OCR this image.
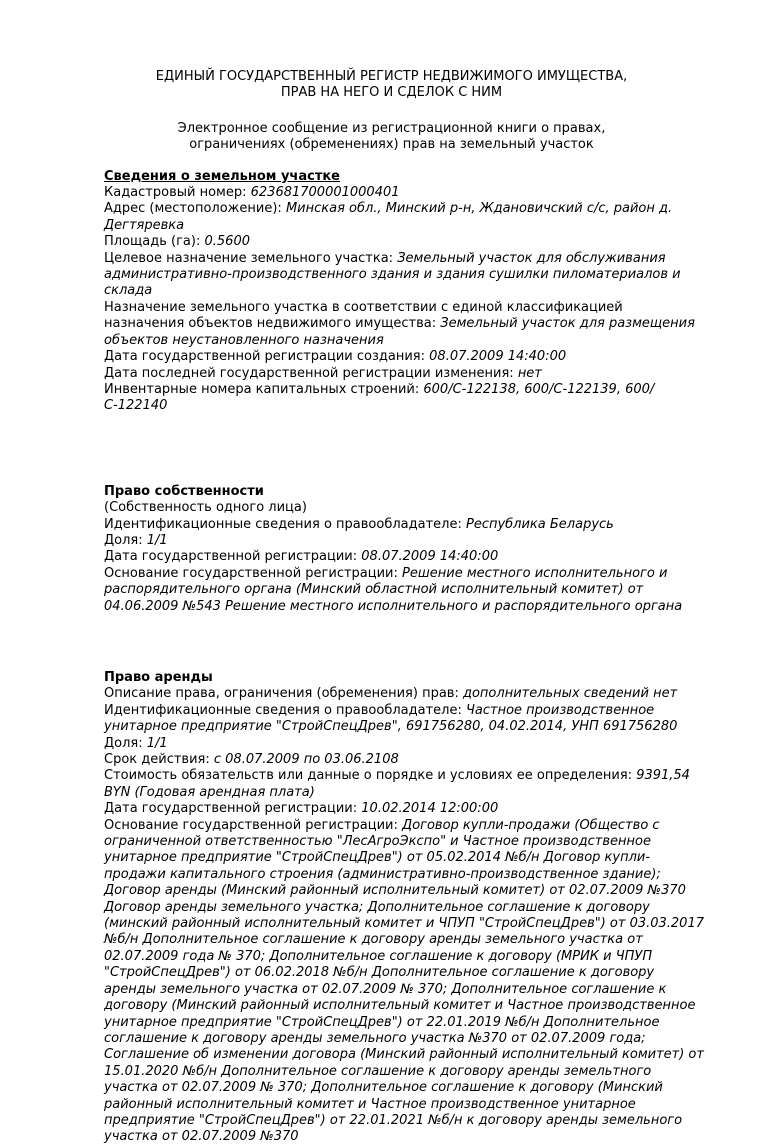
ЕДИНЫЙ ГОСУДАРСТВЕННЫЙ РЕГИСТР НЕДВИЖИМОГО ИМУЩЕСТВА,
ПРАВ НА НЕГО И СДЕЛОК С НИМ
Электронное сообщение из регистрационной книги о правах,
ограничениях (обременениях) прав на земельный участок
Сведения о земельном участке

Кадастровый номер: 623681700001000401

Адрес (местоположение): Минская обл., Минский р-н, Ждановичский с/с, район д. Дегтяревка

Площадь (га): 0.5600

Целевое назначение земельного участка: Земельный участок для обслуживания административно-производственного здания и здания сушилки пиломатериалов и склада

Назначение земельного участка в соответствии с единой классификацией назначения объектов недвижимого имущества: Земельный участок для размещения объектов неустановленного назначения

Дата государственной регистрации создания: 08.07.2009 14:40:00

Дата последней государственной регистрации изменения: нет

Инвентарные номера капитальных строений: 600/С-122138, 600/С-122139, 600/С-122140

Право собственности

(Собственность одного лица)

Идентификационные сведения о правообладателе: Республика Беларусь

Доля: 1/1

Дата государственной регистрации: 08.07.2009 14:40:00

Основание государственной регистрации: Решение местного исполнительного и распорядительного органа (Минский областной исполнительный комитет) от 04.06.2009 №543 Решение местного исполнительного и распорядительного органа

Право аренды

Описание права, ограничения (обременения) прав: дополнительных сведений нет

Идентификационные сведения о правообладателе: Частное производственное унитарное предприятие "СтройСпецДрев", 691756280, 04.02.2014, УНП 691756280

Доля: 1/1

Срок действия: с 08.07.2009 по 03.06.2108

Стоимость обязательств или данные о порядке и условиях ее определения: 9391,54 BYN (Годовая арендная плата)

Дата государственной регистрации: 10.02.2014 12:00:00

Основание государственной регистрации: Договор купли-продажи (Общество с ограниченной ответственностью "ЛесАгроЭкспо" и Частное производственное унитарное предприятие "СтройСпецДрев") от 05.02.2014 №б/н Договор купли-продажи капитального строения (административно-производственное здание); Договор аренды (Минский районный исполнительный комитет) от 02.07.2009 №370 Договор аренды земельного участка; Дополнительное соглашение к договору (минский районный исполнительный комитет и ЧПУП "СтройСпецДрев") от 03.03.2017 №б/н Дополнительное соглашение к договору аренды земельного участка от 02.07.2009 года № 370; Дополнительное соглашение к договору (МРИК и ЧПУП "СтройСпецДрев") от 06.02.2018 №б/н Дополнительное соглашение к договору аренды земельного участка от 02.07.2009 № 370; Дополнительное соглашение к договору (Минский районный исполнительный комитет и Частное производственное унитарное предприятие "СтройСпецДрев") от 22.01.2019 №б/н Дополнительное соглашение к договору аренды земельного участка №370 от 02.07.2009 года; Соглашение об изменении договора (Минский районный исполнительный комитет) от 15.01.2020 №б/н Дополнительное соглашение к договору аренды земельтного участка от 02.07.2009 № 370; Дополнительное соглашение к договору (Минский районный исполнительный комитет и Частное производственное унитарное предприятие "СтройСпецДрев") от 22.01.2021 №б/н к договору аренды земельного участка от 02.07.2009 №370
